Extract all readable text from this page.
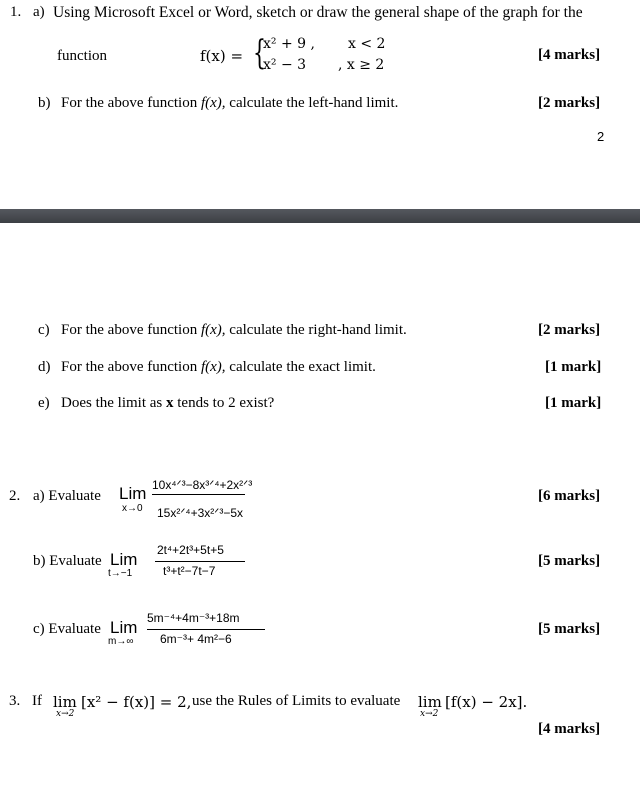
1. a) Using Microsoft Excel or Word, sketch or draw the general shape of the graph for the
function	f(x) = {
x² + 9 , x < 2
x² − 3 , x ≥ 2
[4 marks]
b) For the above function f(x), calculate the left-hand limit.	[2 marks]
2
c) For the above function f(x), calculate the right-hand limit.	[2 marks]
d) For the above function f(x), calculate the exact limit.	[1 mark]
e) Does the limit as x tends to 2 exist?	[1 mark]
2. a) Evaluate Lim
x→0
10x⁴ᐟ³−8x³ᐟ⁴+2x²ᐟ³
15x²ᐟ⁴+3x²ᐟ³−5x
[6 marks]
b) Evaluate Lim
t→−1
2t⁴+2t³+5t+5
t³+t²−7t−7
[5 marks]
c) Evaluate Lim
m→∞
5m⁻⁴+4m⁻³+18m
6m⁻³+ 4m²−6
[5 marks]
3. If lim
x→2
[x² − f(x)] = 2, use the Rules of Limits to evaluate lim
x→2
[f(x) − 2x].
[4 marks]
